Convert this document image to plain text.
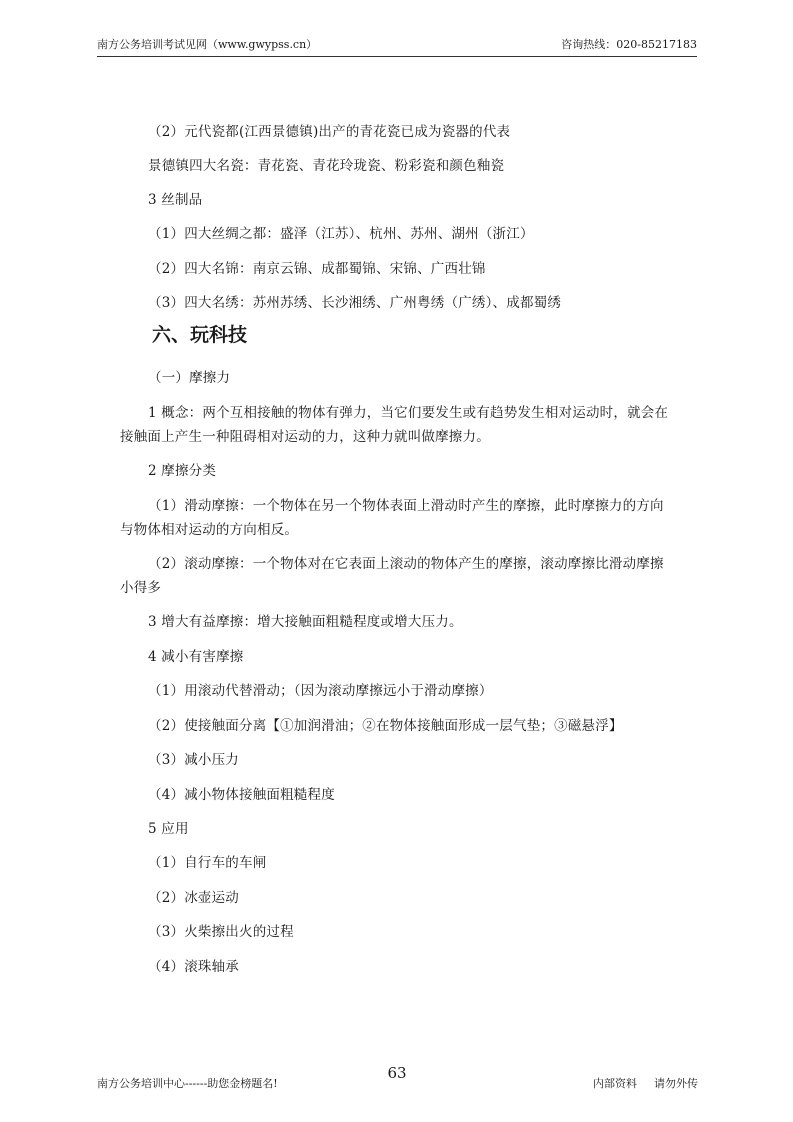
南方公务培训考试见网（www.gwypss.cn）	咨询热线：020-85217183
（2）元代瓷都(江西景德镇)出产的青花瓷已成为瓷器的代表
景德镇四大名瓷：青花瓷、青花玲珑瓷、粉彩瓷和颜色釉瓷
3 丝制品
（1）四大丝绸之都：盛泽（江苏）、杭州、苏州、湖州（浙江）
（2）四大名锦：南京云锦、成都蜀锦、宋锦、广西壮锦
（3）四大名绣：苏州苏绣、长沙湘绣、广州粤绣（广绣）、成都蜀绣
六、玩科技
（一）摩擦力
1 概念：两个互相接触的物体有弹力，当它们要发生或有趋势发生相对运动时，就会在
接触面上产生一种阻碍相对运动的力，这种力就叫做摩擦力。
2 摩擦分类
（1）滑动摩擦：一个物体在另一个物体表面上滑动时产生的摩擦，此时摩擦力的方向
与物体相对运动的方向相反。
（2）滚动摩擦：一个物体对在它表面上滚动的物体产生的摩擦，滚动摩擦比滑动摩擦
小得多
3 增大有益摩擦：增大接触面粗糙程度或增大压力。
4 减小有害摩擦
（1）用滚动代替滑动；（因为滚动摩擦远小于滑动摩擦）
（2）使接触面分离【①加润滑油；②在物体接触面形成一层气垫；③磁悬浮】
（3）减小压力
（4）减小物体接触面粗糙程度
5 应用
（1）自行车的车闸
（2）冰壶运动
（3）火柴擦出火的过程
（4）滚珠轴承
南方公务培训中心------助您金榜题名!
63
内部资料 请勿外传
